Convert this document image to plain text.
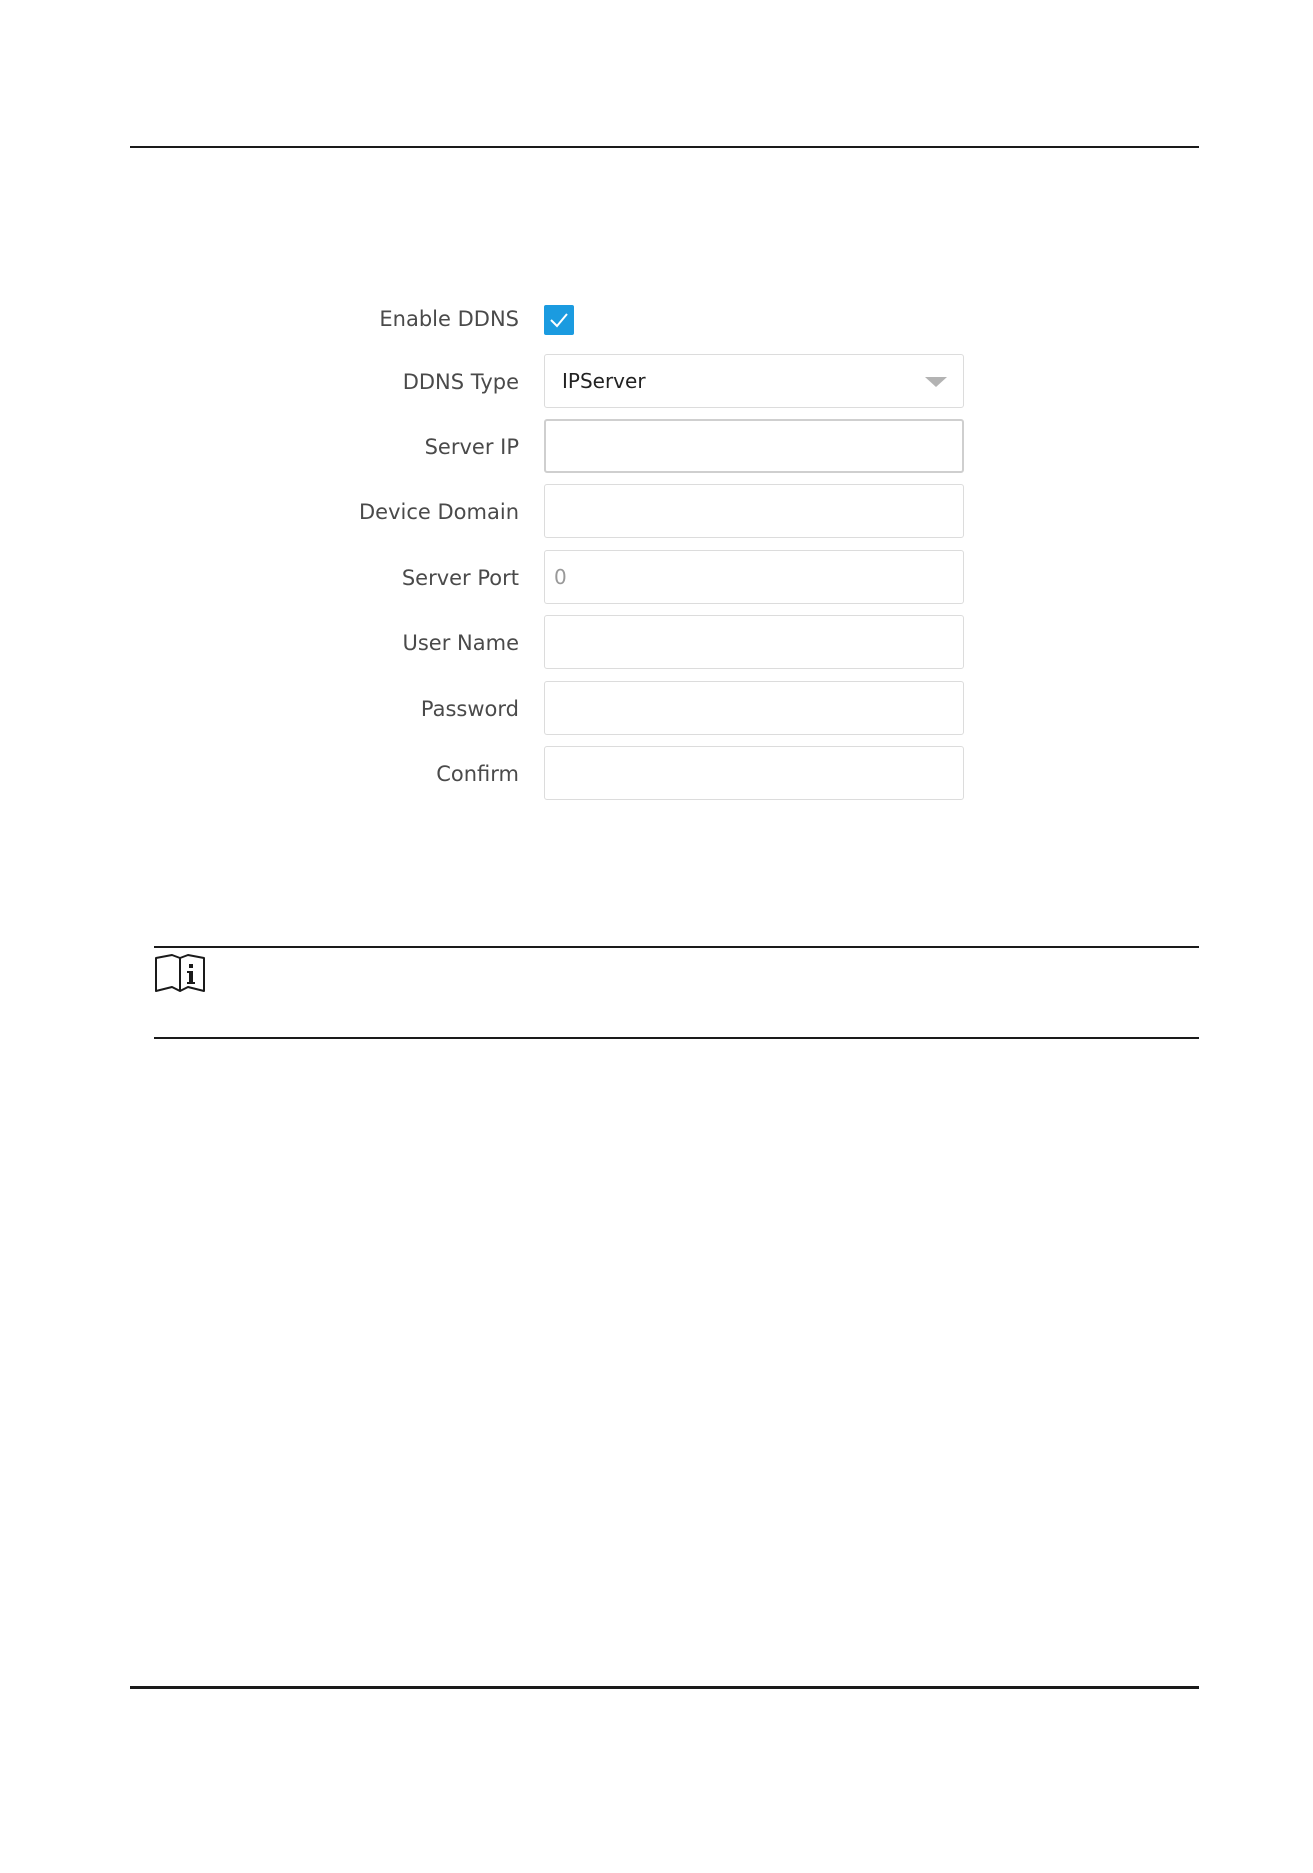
Enable DDNS
DDNS Type	IPServer
Server IP
Device Domain
Server Port	0
User Name
Password
Confirm
